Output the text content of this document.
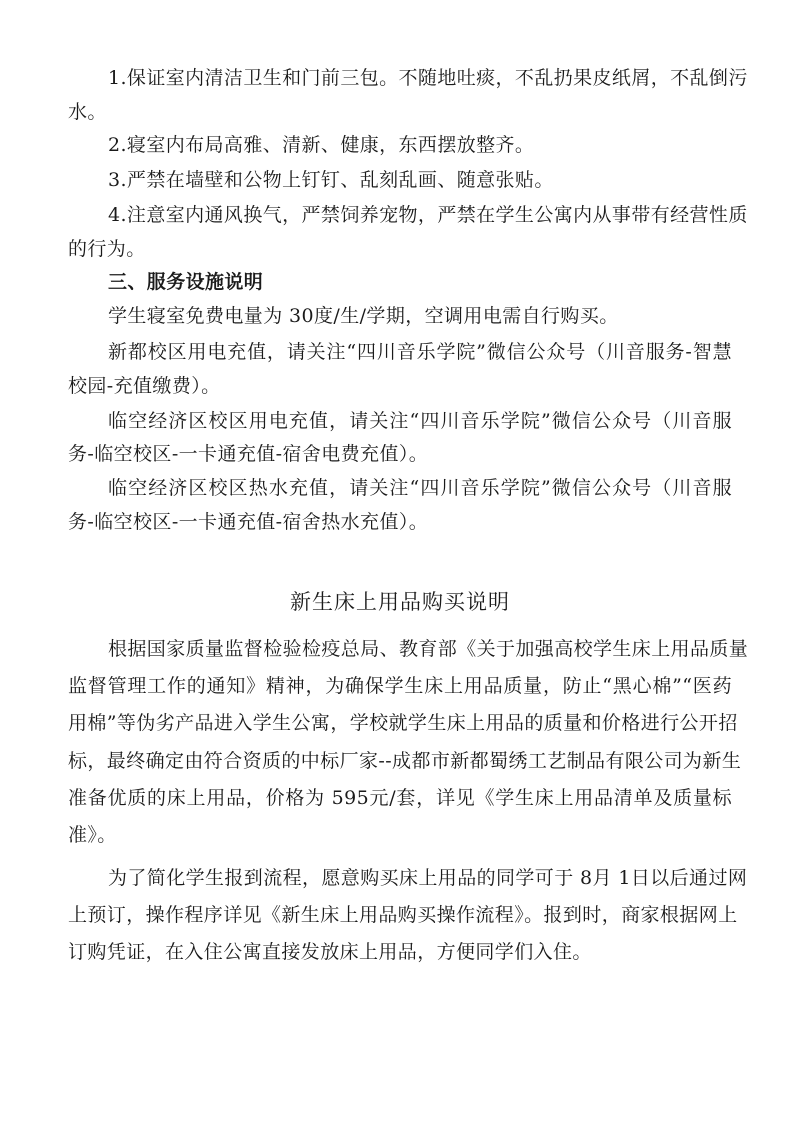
1.保证室内清洁卫生和门前三包。不随地吐痰，不乱扔果皮纸屑，不乱倒污
水。
2.寝室内布局高雅、清新、健康，东西摆放整齐。
3.严禁在墙壁和公物上钉钉、乱刻乱画、随意张贴。
4.注意室内通风换气，严禁饲养宠物，严禁在学生公寓内从事带有经营性质
的行为。
三、服务设施说明
学生寝室免费电量为 30度/生/学期，空调用电需自行购买。
新都校区用电充值，请关注“四川音乐学院”微信公众号（川音服务-智慧
校园-充值缴费）。
临空经济区校区用电充值，请关注“四川音乐学院”微信公众号（川音服
务-临空校区-一卡通充值-宿舍电费充值）。
临空经济区校区热水充值，请关注“四川音乐学院”微信公众号（川音服
务-临空校区-一卡通充值-宿舍热水充值）。
新生床上用品购买说明
根据国家质量监督检验检疫总局、教育部《关于加强高校学生床上用品质量
监督管理工作的通知》精神，为确保学生床上用品质量，防止“黑心棉”“医药
用棉”等伪劣产品进入学生公寓，学校就学生床上用品的质量和价格进行公开招
标，最终确定由符合资质的中标厂家--成都市新都蜀绣工艺制品有限公司为新生
准备优质的床上用品，价格为 595元/套，详见《学生床上用品清单及质量标
准》。
为了简化学生报到流程，愿意购买床上用品的同学可于 8月 1日以后通过网
上预订，操作程序详见《新生床上用品购买操作流程》。报到时，商家根据网上
订购凭证，在入住公寓直接发放床上用品，方便同学们入住。
